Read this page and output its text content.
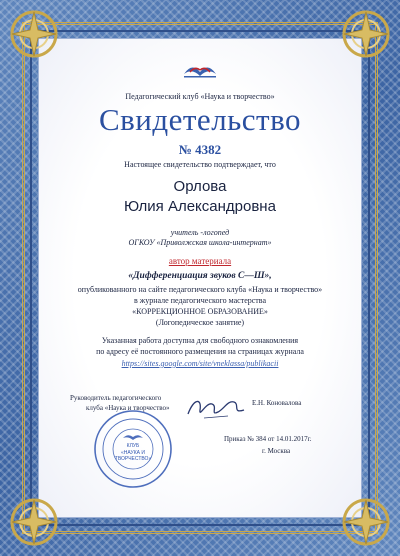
Педагогический клуб «Наука и творчество»
Свидетельство
№ 4382
Настоящее свидетельство подтверждает, что
Орлова
Юлия Александровна
учитель -логопед
ОГКОУ «Приволжская школа-интернат»
автор материала
«Дифференциация звуков С—Ш»,
опубликованного на сайте педагогического клуба «Наука и творчество»
в журнале педагогического мастерства
«КОРРЕКЦИОННОЕ ОБРАЗОВАНИЕ»
(Логопедическое занятие)
Указанная работа доступна для свободного ознакомления
по адресу её постоянного размещения на страницах журнала
https://sites.google.com/site/vneklassa/publikacii
Руководитель педагогического
клуба «Наука и творчество»
Е.Н. Коновалова
КЛУБ
«НАУКА И
ТВОРЧЕСТВО»
Приказ № 384 от 14.01.2017г.
г. Москва
